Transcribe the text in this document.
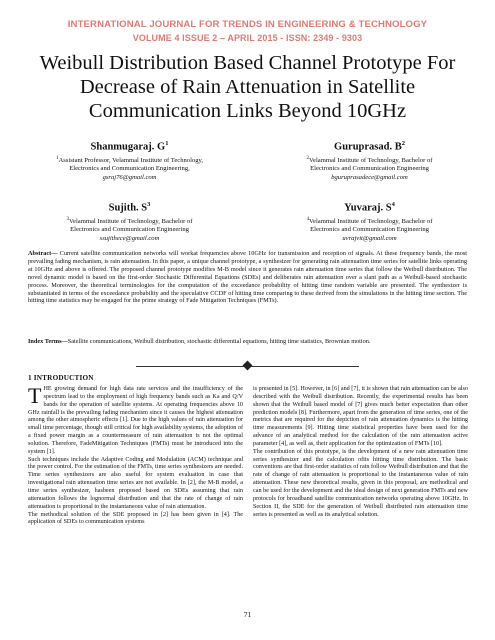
INTERNATIONAL JOURNAL FOR TRENDS IN ENGINEERING & TECHNOLOGY
VOLUME 4 ISSUE 2 – APRIL 2015 - ISSN: 2349 - 9303
Weibull Distribution Based Channel Prototype For
Decrease of Rain Attenuation in Satellite
Communication Links Beyond 10GHz
Shanmugaraj. $G^1$
$^1$Assistant Professor, Velammal Institute of Technology,
Electronics and Communication Engineering,
gsraj76@gmail.com
Guruprasad. $B^2$
$^2$Velammal Institute of Technology, Bachelor of
Electronics and Communication Engineering
bguruprasadece@gmail.com
Sujith. $S^3$
$^3$Velammal Institute of Technology, Bachelor of
Electronics and Communication Engineering
ssujithece@gmail.com
Yuvaraj. $S^4$
$^4$Velammal Institute of Technology, Bachelor of
Electronics and Communication Engineering
uvrajvit@gmail.com
Abstract— Current satellite communication networks will workat frequencies above 10GHz for transmission and reception of signals. At these frequency bands, the most prevailing fading mechanism, is rain attenuation. In this paper, a unique channel prototype, a synthesizer for generating rain attenuation time series for satellite links operating at 10GHz and above is offered. The proposed channel prototype modifies M-B model since it generates rain attenuation time series that follow the Weibull distribution. The novel dynamic model is based on the first-order Stochastic Differential Equations (SDEs) and deliberates rain attenuation over a slant path as a Weibull-based stochastic process. Moreover, the theoretical terminologies for the computation of the exceedance probability of hitting time random variable are presented. The synthesizer is substantiated in terms of the exceedance probability and the speculative CCDF of hitting time comparing to these derived from the simulations in the hitting time section. The hitting time statistics may be engaged for the prime strategy of Fade Mitigation Techniques (FMTs).
Index Terms—Satellite communications, Weibull distribution, stochastic differential equations, hitting time statistics, Brownian motion.
1 INTRODUCTION

THE growing demand for high data rate services and the insufficiency of the spectrum lead to the employment of high frequency bands such as Ka and Q/V bands for the operation of satellite systems. At operating frequencies above 10 GHz rainfall is the prevailing fading mechanism since it causes the highest attenuation among the other atmospheric effects [1]. Due to the high values of rain attenuation for small time percentage, though still critical for high availability systems, the adoption of a fixed power margin as a countermeasure of rain attenuation is not the optimal solution. Therefore, FadeMitigation Techniques (FMTs) must be introduced into the system [1].

Such techniques include the Adaptive Coding and Modulation (ACM) technique and the power control. For the estimation of the FMTs, time series synthesizers are needed. Time series synthesizers are also useful for system evaluation in case that investigational rain attenuation time series are not available. In [2], the M-B model, a time series synthesizer, hasbeen proposed based on SDEs assuming that rain attenuation follows the lognormal distribution and that the rate of change of rain attenuation is proportional to the instantaneous value of rain attenuation.

The methodical solution of the SDE proposed in [2] has been given in [4]. The application of SDEs to communication systems

is presented in [5]. However, in [6] and [7], it is shown that rain attenuation can be also described with the Weibull distribution. Recently, the experimental results has been shown that the Weibull based model of [7] gives much better expectation than other prediction models [8]. Furthermore, apart from the generation of time series, one of the metrics that are required for the depiction of rain attenuation dynamics is the hitting time measurements [9]. Hitting time statistical properties have been used for the advance of an analytical method for the calculation of the rain attenuation active parameter [4], as well as, their application for the optimization of FMTs [10].

The contribution of this prototype, is the development of a new rain attenuation time series synthesizer and the calculation ofits hitting time distribution. The basic conventions are that first-order statistics of rain follow Weibull distribution and that the rate of change of rain attenuation is proportional to the instantaneous value of rain attenuation. These new theoretical results, given in this proposal, are methodical and can be used for the development and the ideal design of next generation FMTs and new protocols for broadband satellite communication networks operating above 10GHz. In Section II, the SDE for the generation of Weibull distributed rain attenuation time series is presented as well as its analytical solution.

71
